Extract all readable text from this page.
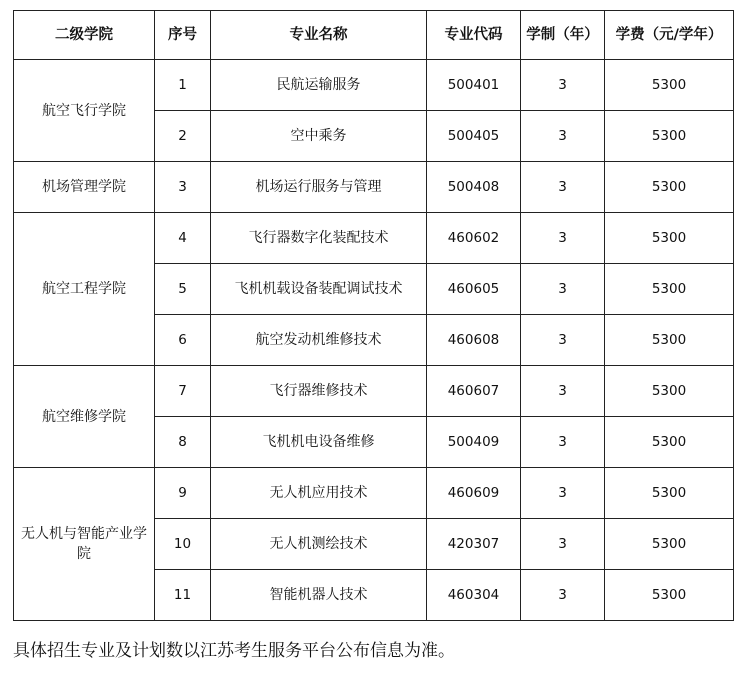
二级学院	序号	专业名称	专业代码	学制（年）	学费（元/学年）
航空飞行学院	1	民航运输服务	500401	3	5300
	2	空中乘务	500405	3	5300
机场管理学院	3	机场运行服务与管理	500408	3	5300
航空工程学院	4	飞行器数字化装配技术	460602	3	5300
	5	飞机机载设备装配调试技术	460605	3	5300
	6	航空发动机维修技术	460608	3	5300
航空维修学院	7	飞行器维修技术	460607	3	5300
	8	飞机机电设备维修	500409	3	5300
无人机与智能产业学院	9	无人机应用技术	460609	3	5300
	10	无人机测绘技术	420307	3	5300
	11	智能机器人技术	460304	3	5300
具体招生专业及计划数以江苏考生服务平台公布信息为准。
